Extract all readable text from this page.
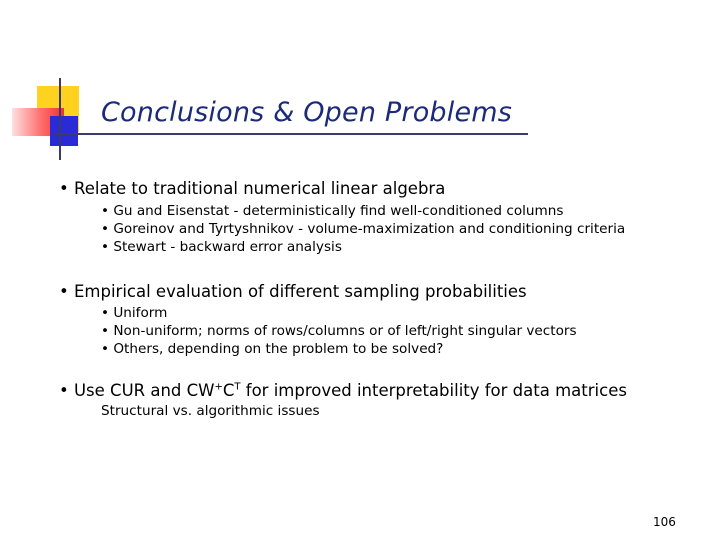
Conclusions & Open Problems
• Relate to traditional numerical linear algebra
• Gu and Eisenstat - deterministically find well-conditioned columns
• Goreinov and Tyrtyshnikov - volume-maximization and conditioning criteria
• Stewart - backward error analysis
• Empirical evaluation of different sampling probabilities
• Uniform
• Non-uniform; norms of rows/columns or of left/right singular vectors
• Others, depending on the problem to be solved?
• Use CUR and $CW^+C^T$ for improved interpretability for data matrices
Structural vs. algorithmic issues
106
